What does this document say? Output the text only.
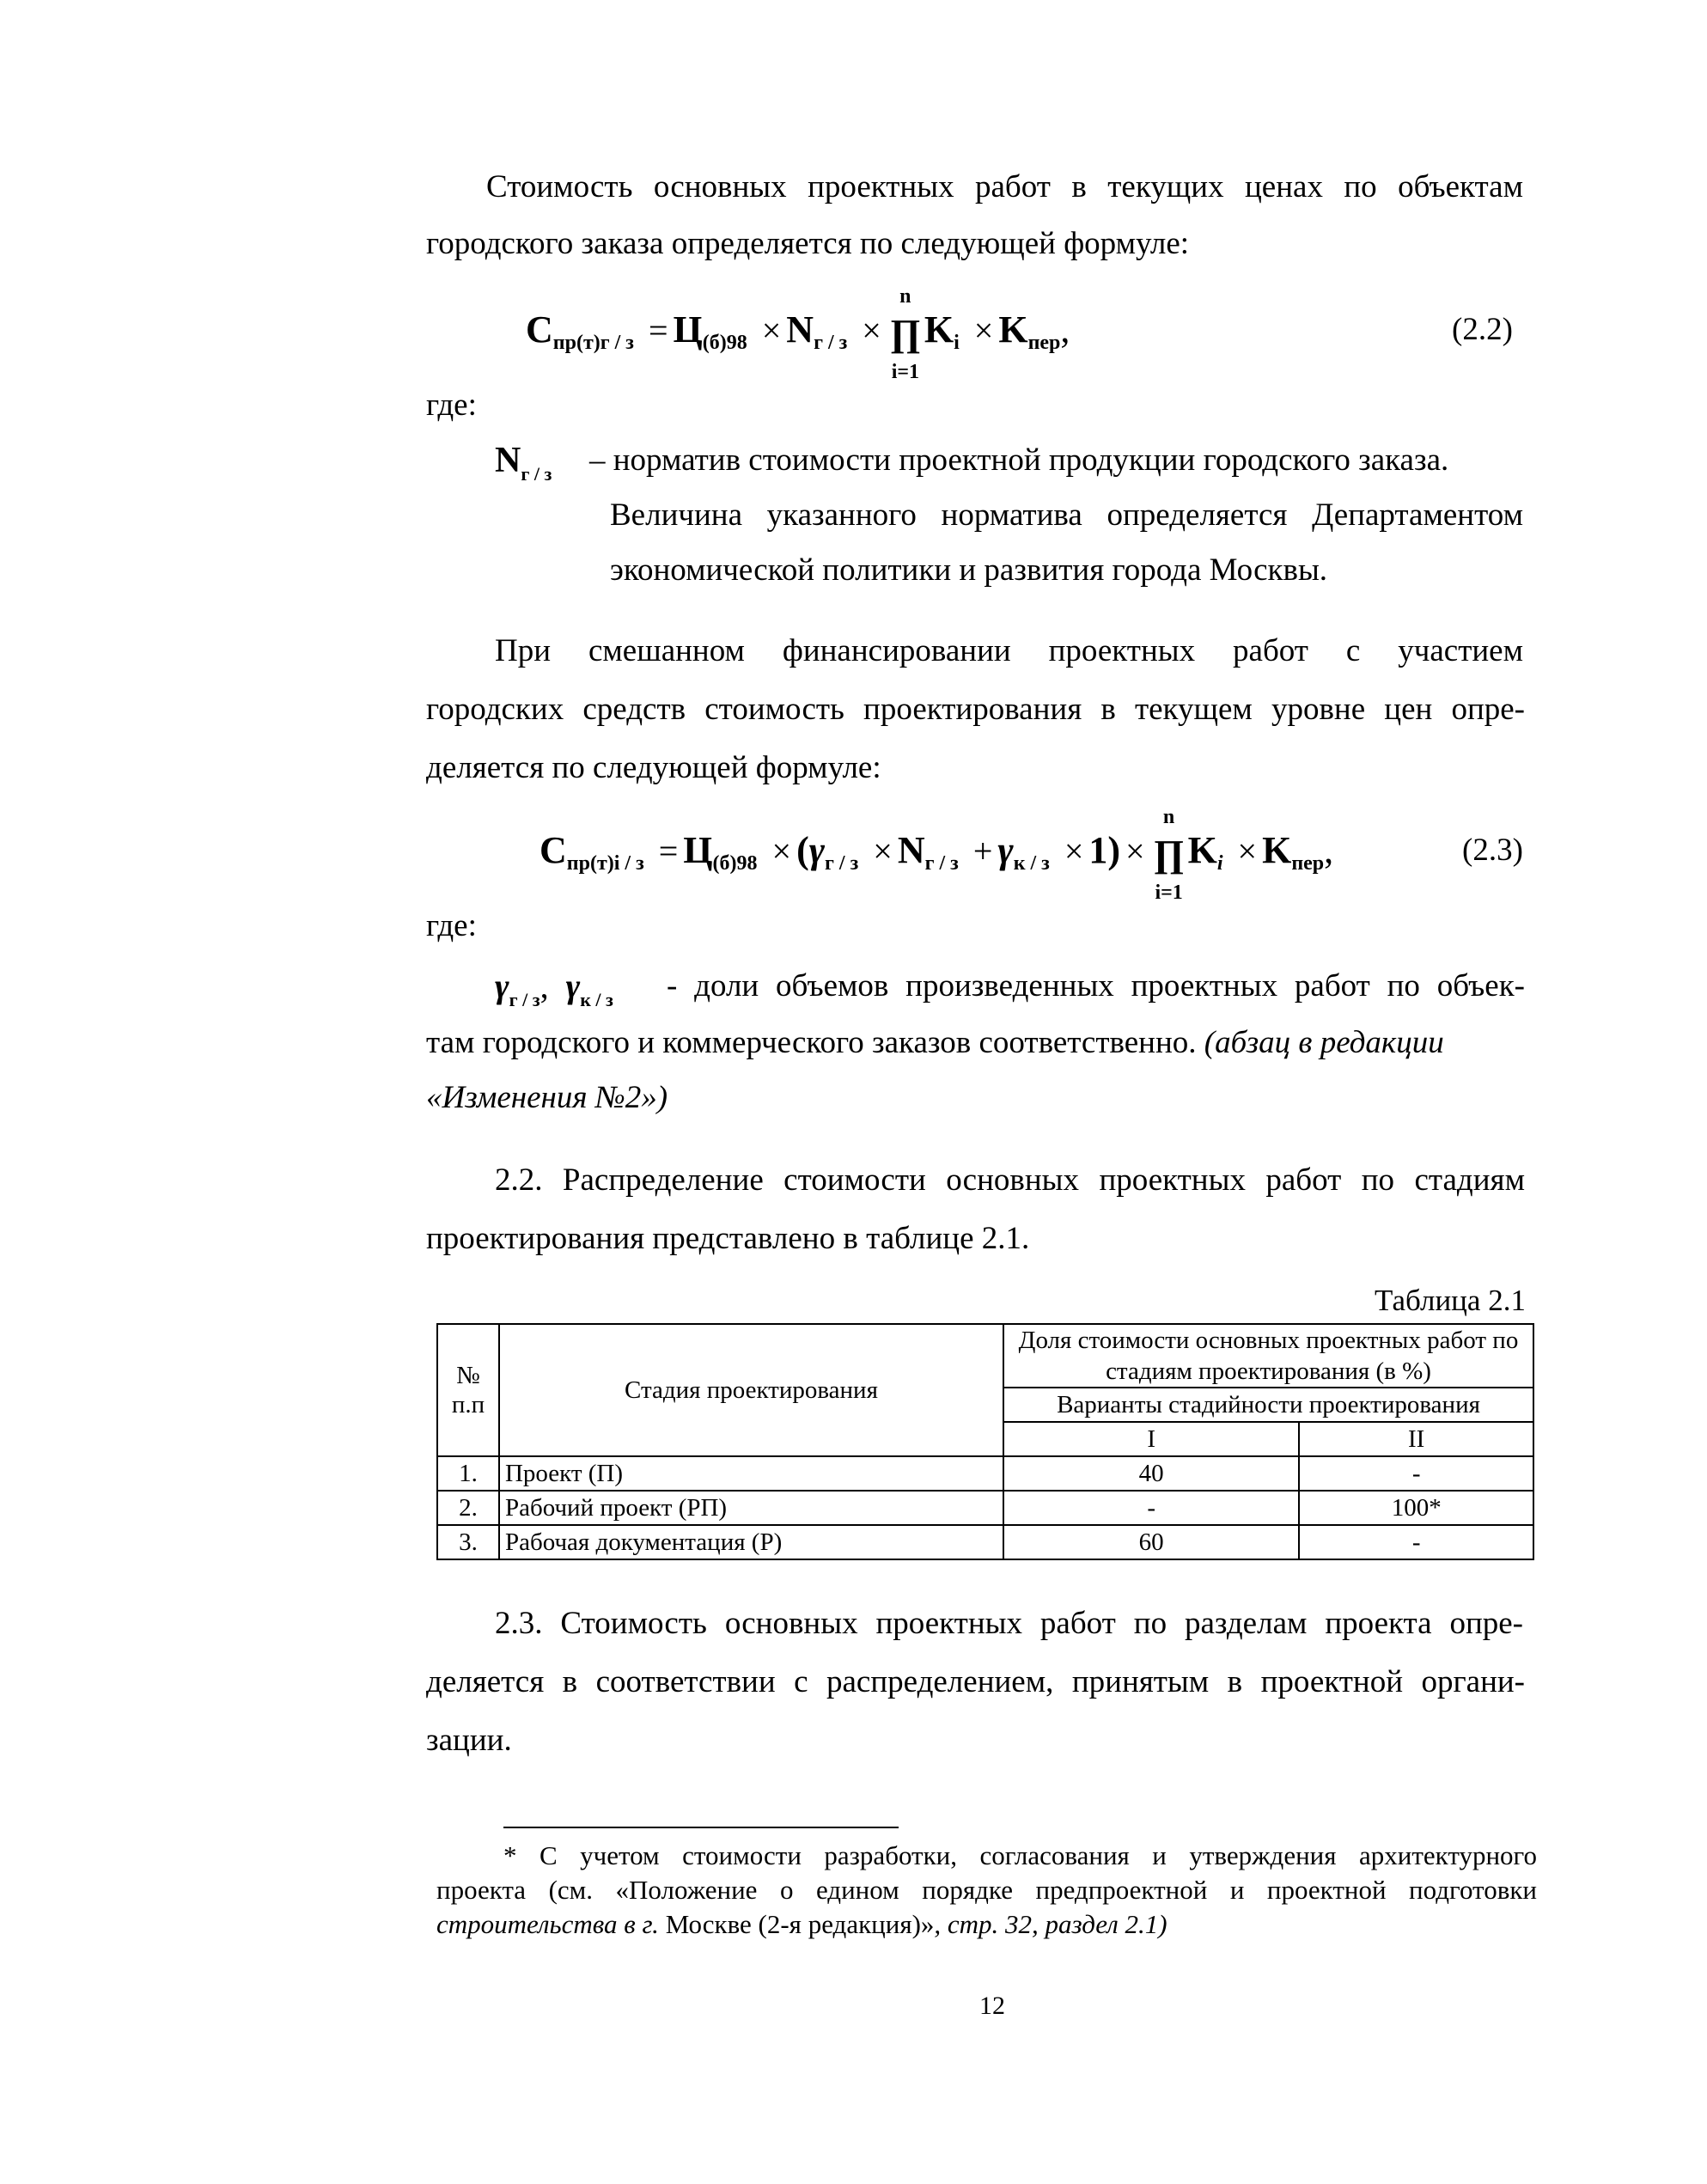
Стоимость основных проектных работ в текущих ценах по объектам
городского заказа определяется по следующей формуле:
$С_{пр(т)г / з} = Ц_{(б)98} \times N_{г / з}$ ×
n
∏
i=1
$K_i \times K_{пер}$,	(2.2)
где:
$N_{г / з}$ – норматив стоимости проектной продукции городского заказа.
Величина указанного норматива определяется Департаментом
экономической политики и развития города Москвы.
При смешанном финансировании проектных работ с участием
городских средств стоимость проектирования в текущем уровне цен опре-
деляется по следующей формуле:
$С_{пр(т)і / з} = Ц_{(б)98} \times (\gamma_{г / з} \times N_{г / з} + \gamma_{к / з} \times 1)$ ×
n
∏
i=1
$K_i \times K_{пер}$,	(2.3)
где:
$\gamma_{г / з}$, $\gamma_{к / з}$ - доли объемов произведенных проектных работ по объек-
там городского и коммерческого заказов соответственно. (абзац в редакции
«Изменения №2»)
2.2. Распределение стоимости основных проектных работ по стадиям
проектирования представлено в таблице 2.1.
Таблица 2.1
№ п.п	Стадия проектирования	Доля стоимости основных проектных работ по стадиям проектирования (в %)	
		Варианты стадийности проектирования	
		I	II
1.	Проект (П)	40	-
2.	Рабочий проект (РП)	-	100*
3.	Рабочая документация (Р)	60	-
2.3. Стоимость основных проектных работ по разделам проекта опре-
деляется в соответствии с распределением, принятым в проектной органи-
зации.
* С учетом стоимости разработки, согласования и утверждения архитектурного
проекта (см. «Положение о едином порядке предпроектной и проектной подготовки
строительства в г. Москве (2-я редакция)», стр. 32, раздел 2.1)
12
